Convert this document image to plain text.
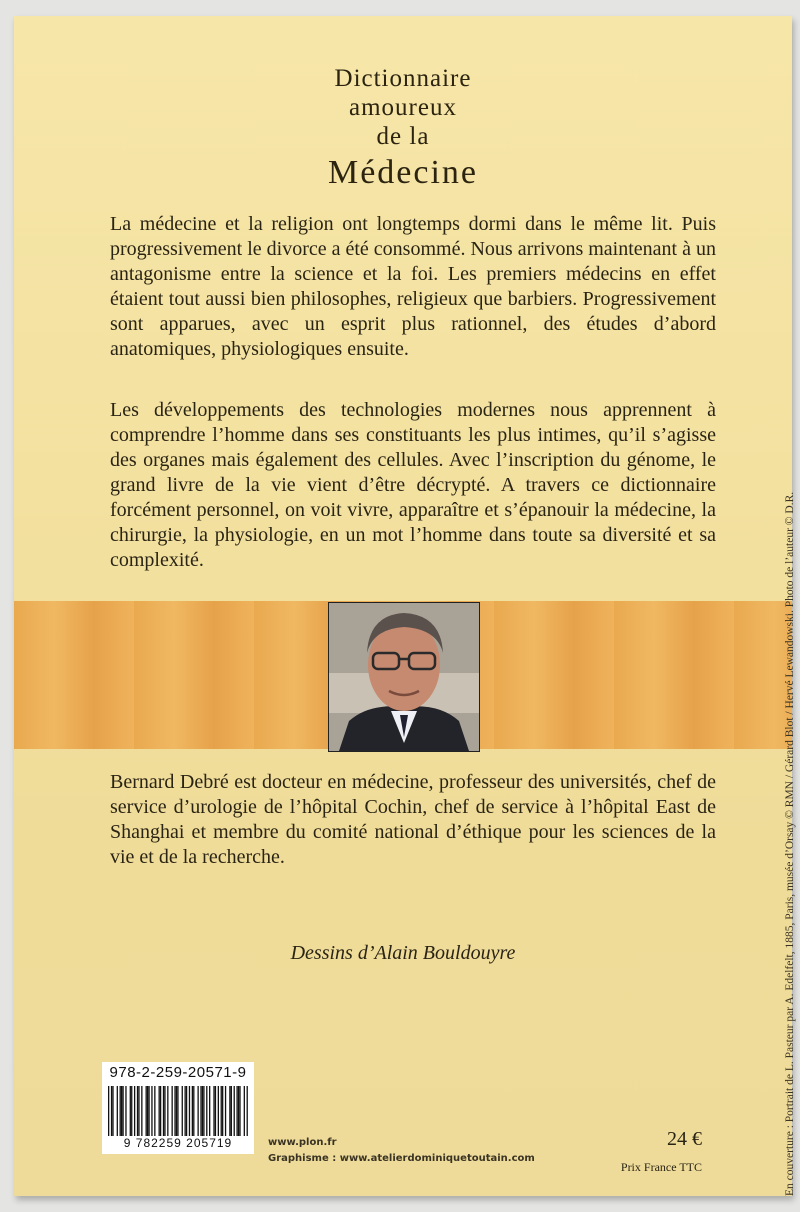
Dictionnaire
amoureux
de la
Médecine

La médecine et la religion ont longtemps dormi dans le même lit. Puis progressivement le divorce a été consommé. Nous arrivons maintenant à un antagonisme entre la science et la foi. Les premiers médecins en effet étaient tout aussi bien philosophes, religieux que barbiers. Progressivement sont apparues, avec un esprit plus rationnel, des études d’abord anatomiques, physiologiques ensuite.

Les développements des technologies modernes nous apprennent à comprendre l’homme dans ses constituants les plus intimes, qu’il s’agisse des organes mais également des cellules. Avec l’inscription du génome, le grand livre de la vie vient d’être décrypté. A travers ce dictionnaire forcément personnel, on voit vivre, apparaître et s’épanouir la médecine, la chirurgie, la physiologie, en un mot l’homme dans toute sa diversité et sa complexité.

Bernard Debré est docteur en médecine, professeur des universités, chef de service d’urologie de l’hôpital Cochin, chef de service à l’hôpital East de Shanghai et membre du comité national d’éthique pour les sciences de la vie et de la recherche.

Dessins d’Alain Bouldouyre
978-2-259-20571-9
9 782259 205719	www.plon.fr
Graphisme : www.atelierdominiquetoutain.com
24 €
Prix France TTC	En couverture : Portrait de L. Pasteur par A. Edelfelt, 1885, Paris, musée d’Orsay © RMN / Gérard Blot / Hervé Lewandowski. Photo de l’auteur © D.R.
